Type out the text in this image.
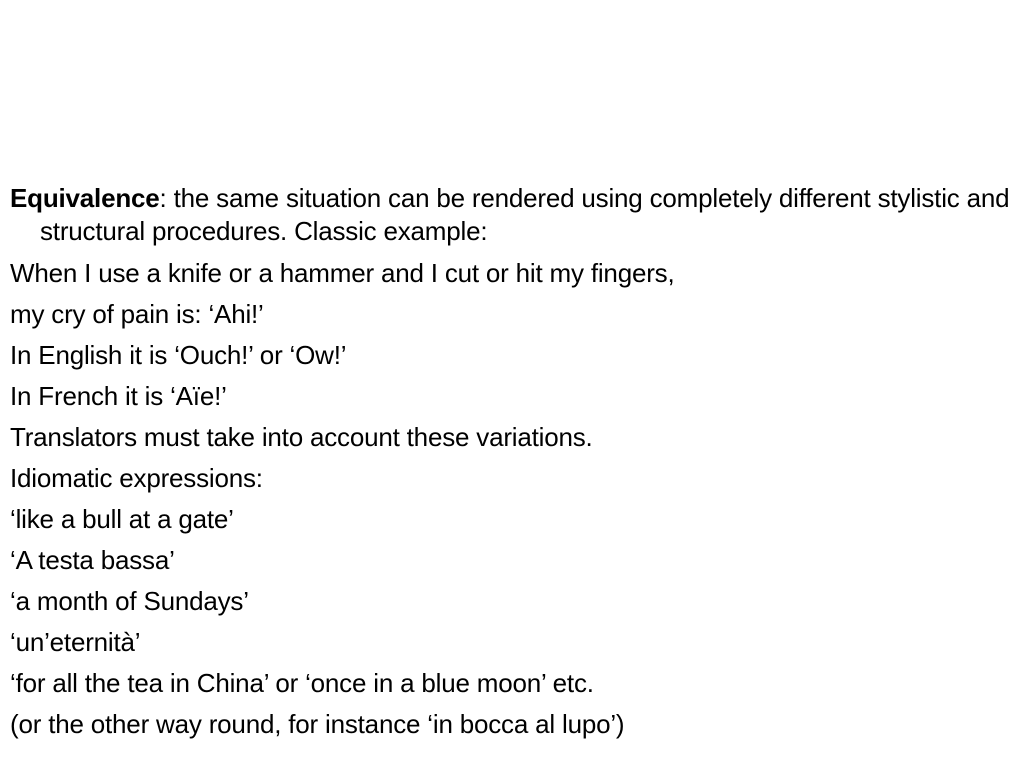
Equivalence: the same situation can be rendered using completely different stylistic and structural procedures. Classic example:

When I use a knife or a hammer and I cut or hit my fingers,

my cry of pain is: ‘Ahi!’

In English it is ‘Ouch!’ or ‘Ow!’

In French it is ‘Aïe!’

Translators must take into account these variations.

Idiomatic expressions:

‘like a bull at a gate’

‘A testa bassa’

‘a month of Sundays’

‘un’eternità’

‘for all the tea in China’ or ‘once in a blue moon’ etc.

(or the other way round, for instance ‘in bocca al lupo’)
